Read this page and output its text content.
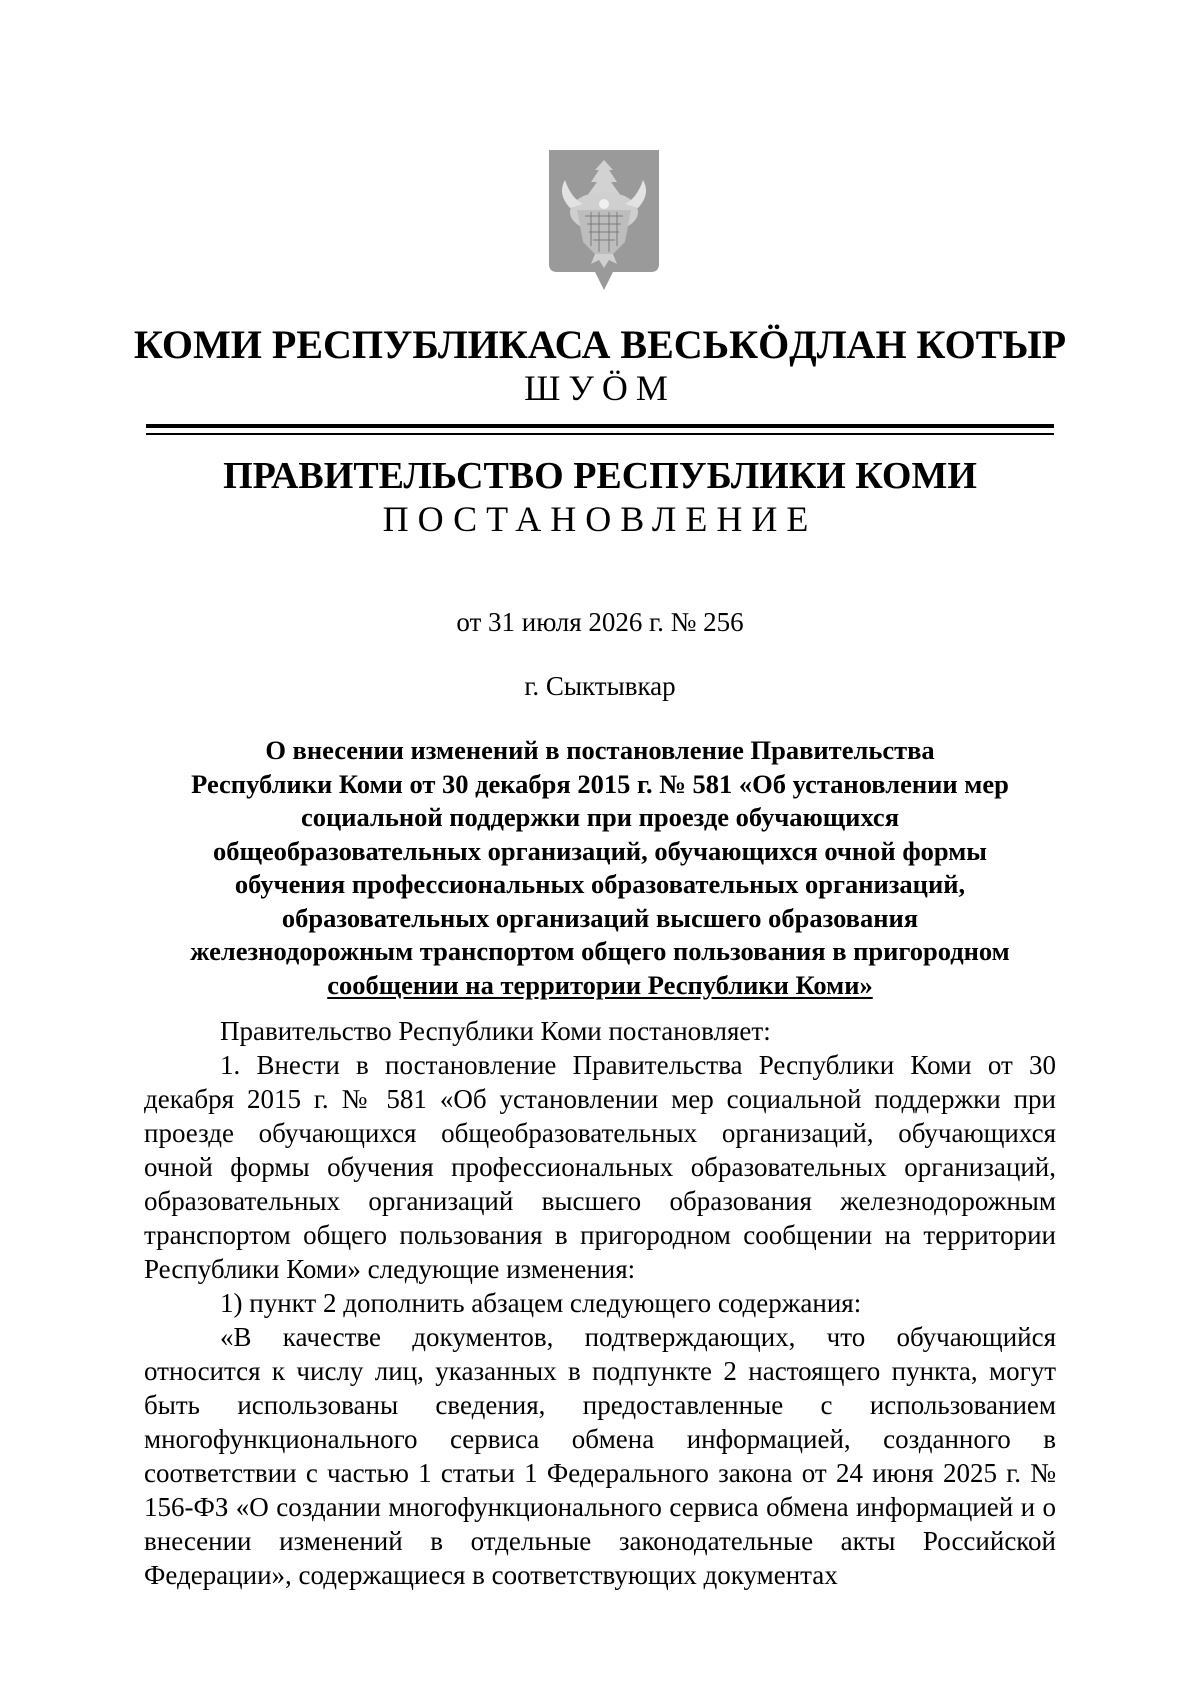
КОМИ РЕСПУБЛИКАСА ВЕСЬКӦДЛАН КОТЫР
ШУӦМ
ПРАВИТЕЛЬСТВО РЕСПУБЛИКИ КОМИ
ПОСТАНОВЛЕНИЕ
от 31 июля 2026 г. № 256
г. Сыктывкар
О внесении изменений в постановление Правительства
Республики Коми от 30 декабря 2015 г. № 581 «Об установлении мер
социальной поддержки при проезде обучающихся
общеобразовательных организаций, обучающихся очной формы
обучения профессиональных образовательных организаций,
образовательных организаций высшего образования
железнодорожным транспортом общего пользования в пригородном
сообщении на территории Республики Коми»

Правительство Республики Коми постановляет:

1. Внести в постановление Правительства Республики Коми от 30 декабря 2015 г. № 581 «Об установлении мер социальной поддержки при проезде обучающихся общеобразовательных организаций, обучающихся очной формы обучения профессиональных образовательных организаций, образовательных организаций высшего образования железнодорожным транспортом общего пользования в пригородном сообщении на территории Республики Коми» следующие изменения:

1) пункт 2 дополнить абзацем следующего содержания:

«В качестве документов, подтверждающих, что обучающийся относится к числу лиц, указанных в подпункте 2 настоящего пункта, могут быть использованы сведения, предоставленные с использованием многофункционального сервиса обмена информацией, созданного в соответствии с частью 1 статьи 1 Федерального закона от 24 июня 2025 г. № 156-ФЗ «О создании многофункционального сервиса обмена информацией и о внесении изменений в отдельные законодательные акты Российской Федерации», содержащиеся в соответствующих документах
